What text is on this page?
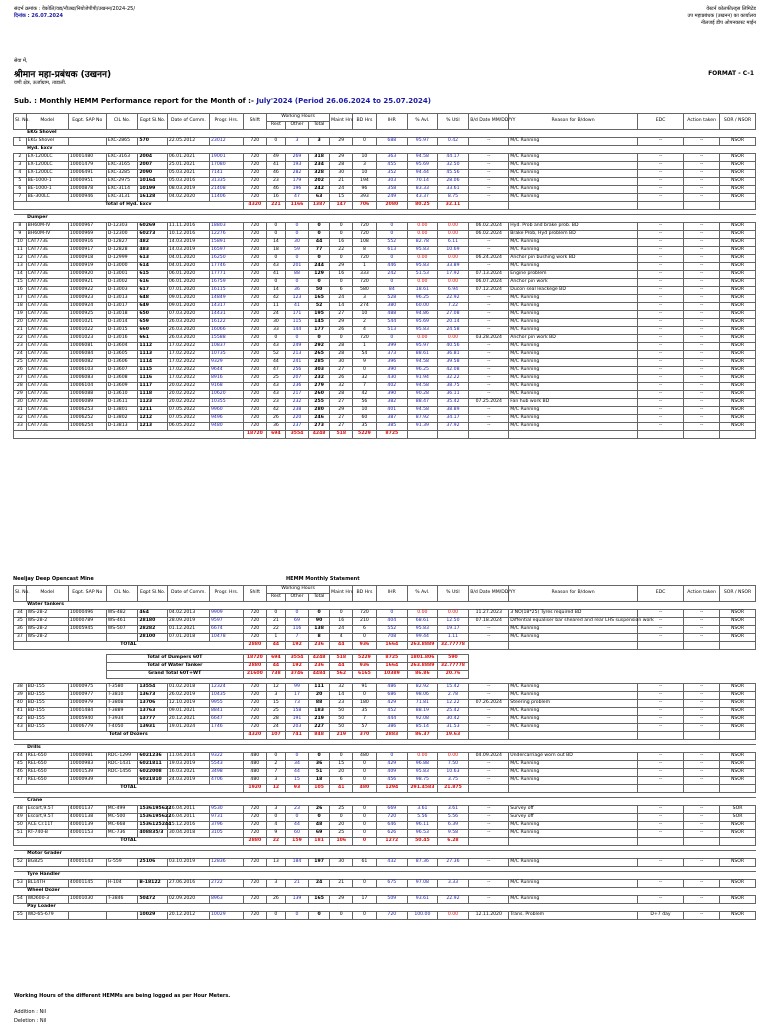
संदर्भ क्रमांक : वेकोलि/वद्य/नौउख/नियोजेपीपी/उखनन/2024-25/
दिनांक : 26.07.2024
वेस्टर्न कोलफील्ड्स लिमिटेड
उप महाप्रबंधक (उखनन) का कार्यालय
नीलजई डीप ओपनकास्ट माईन
सेवा में,
श्रीमान महा-प्रबंधक (उखनन)
वणी क्षेत्र, ऊर्जाग्राम, ताडाली.
FORMAT - C-1
Sub. : Monthly HEMM Performance report for the Month of :- July'2024 (Period 26.06.2024 to 25.07.2024)
Sl. No.	Model	Eqpt. SAP No	CIL No.	Eqpt Sl.No.	Date of Comm.	Progr. Hrs.	Shift	Working Hours			Maint Hrs	BD Hrs	IHR	% Avl.	% Util	B/d Date MM/DD/YY	Reason for B/down	EDC	Action taken	SOR / NSOR
								Rest	Other	Total										
	EKG Shovel																			
1	EKG Shovel		EXC-2865	570	22.05.2012	23012	720	0	3	3	29	0	688	95.97	0.42	--	M/C Running	--	--	NSOR
	Hyd. Excv																			
2	EX-1200LC	10001480	EXC-3163	2004	06.01.2021	19001	720	49	269	318	29	10	363	94.58	44.17	--	M/C Running	--	--	NSOR
3	EX-1200LC	10001479	EXC-3165	2007	25.01.2021	17080	720	41	193	234	28	3	455	95.69	32.50	--	M/C Running	--	--	NSOR
4	EX-1200LC	10006491	EXC-3285	2090	05.03.2021	7141	720	46	282	328	30	10	352	94.44	45.56	--	M/C Running	--	--	NSOR
5	BE-1000-1	10000951	EXC-2975	10164	05.03.2016	31335	720	23	179	202	21	194	303	70.14	28.06	--	M/C Running	--	--	NSOR
6	BE-1000-1	10000878	EXC-3114	10199	08.03.2019	21408	720	46	196	242	24	96	358	83.33	33.61	--	M/C Running	--	--	NSOR
7	BE-300LC	10000946	EXC-3131	16128	04.02.2020	11406	720	16	47	63	15	393	249	43.37	8.75	--	M/C Running	--	--	NSOR
Total of Hyd. Excv							4320	221	1166	1387	147	706	2080	80.25	32.11					

	Dumper																			
8	BH60M-IV	10000967	D-12303	60269	11.11.2016	18803	720	0	0	0	0	720	0	0.00	0.00	06.02.2024	Hyd. Prob and brake prob. BD	--	--	NSOR
9	BH60M-IV	10000969	D-12300	60273	10.12.2016	12276	720	0	0	0	0	720	0	0.00	0.00	06.02.2024	Brake Prob, Hyd problem BD	--	--	NSOR
10	CAT773E	10000916	D-12827	482	14.03.2019	15891	720	14	30	44	16	108	552	82.78	6.11	--	M/C Running	--	--	NSOR
11	CAT773E	10000917	D-12828	483	14.03.2019	16597	720	18	59	77	22	8	613	95.83	10.69	--	M/C Running	--	--	NSOR
12	CAT773E	10000918	D-12999	613	04.01.2020	16250	720	0	0	0	0	720	0	0.00	0.00	06.24.2024	Anchor pin bushing work BD	--	--	NSOR
13	CAT773E	10000919	D-13000	614	04.01.2020	17746	720	43	201	244	29	1	446	95.83	33.89	--	M/C Running	--	--	NSOR
14	CAT773E	10000920	D-13001	615	06.01.2020	17771	720	41	88	129	16	333	242	51.53	17.92	07.13.2024	Engine problem	--	--	NSOR
15	CAT773E	10000921	D-13002	616	06.01.2020	16759	720	0	0	0	0	720	0	0.00	0.00	06.07.2024	Anchor pin work	--	--	NSOR
16	CAT773E	10000922	D-13003	617	07.01.2020	16115	720	14	36	50	6	580	84	18.61	6.94	07.12.2024	Ducon seal leackege BD	--	--	NSOR
17	CAT773E	10000923	D-13013	648	09.01.2020	14849	720	42	123	165	24	3	528	96.25	22.92	--	M/C Running	--	--	NSOR
18	CAT773E	10000924	D-13017	649	09.01.2020	14317	720	11	41	52	14	274	380	60.00	7.22	--	M/C Running	--	--	NSOR
19	CAT773E	10000925	D-13018	650	07.03.2020	14431	720	24	171	195	27	10	488	94.86	27.08	--	M/C Running	--	--	NSOR
20	CAT773E	10001021	D-13014	659	26.03.2020	16122	720	30	115	145	29	2	544	95.69	20.14	--	M/C Running	--	--	NSOR
21	CAT773E	10001022	D-13015	660	26.03.2020	16066	720	33	144	177	26	4	513	95.83	24.58	--	M/C Running	--	--	NSOR
22	CAT773E	10001023	D-13016	661	26.03.2020	15588	720	0	0	0	0	720	0	0.00	0.00	03.28.2024	Anchor pin work BD	--	--	NSOR
23	CAT773E	10006081	D-13604	1112	17.02.2022	10837	720	43	249	292	28	1	399	95.97	40.56	--	M/C Running	--	--	NSOR
24	CAT773E	10006084	D-13605	1113	17.02.2022	10735	720	52	213	265	28	54	373	88.61	36.81	--	M/C Running	--	--	NSOR
25	CAT773E	10006082	D-13606	1114	17.02.2022	9329	720	44	241	285	30	9	396	94.58	39.58	--	M/C Running	--	--	NSOR
26	CAT773E	10006103	D-13607	1115	17.02.2022	9644	720	47	256	303	27	0	390	96.25	42.08	--	M/C Running	--	--	NSOR
27	CAT773E	10006083	D-13608	1116	17.02.2022	8916	720	25	207	232	26	32	430	91.94	32.22	--	M/C Running	--	--	NSOR
28	CAT773E	10006104	D-13609	1117	20.02.2022	9168	720	43	236	279	32	7	402	94.58	38.75	--	M/C Running	--	--	NSOR
29	CAT773E	10006088	D-13610	1118	20.02.2022	10620	720	43	217	260	28	42	390	90.28	36.11	--	M/C Running	--	--	NSOR
30	CAT773E	10006089	D-13611	1123	20.02.2022	10355	720	23	232	255	27	56	382	88.47	35.42	07.25.2024	Fan hub work BD	--	--	NSOR
31	CAT773E	10006253	D-13801	1211	07.05.2022	9960	720	42	238	280	29	10	401	94.58	38.89	--	M/C Running	--	--	NSOR
32	CAT773E	10006252	D-13802	1212	07.05.2022	9496	720	26	220	246	27	60	387	87.92	34.17	--	M/C Running	--	--	NSOR
33	CAT773E	10006254	D-13813	1213	06.05.2022	9480	720	36	237	273	27	35	385	91.39	37.92	--	M/C Running	--	--	NSOR
							18720	694	3554	4248	518	5229	8725							
Neeljay Deep Opencast Mine	HEMM Monthly Statement
Sl. No.	Model	Eqpt. SAP No	CIL No.	Eqpt Sl.No.	Date of Comm.	Progr. Hrs.	Shift	Working Hours			Maint Hrs	BD Hrs	IHR	% Avl.	% Util	B/d Date MM/DD/YY	Reason for B/down	EDC	Action taken	SOR / NSOR
								Rest	Other	Total										
	Water tankers																			
34	WS-28-2	10000496	WS-482	464	04.02.2013	9909	720	0	0	0	0	720	0	0.00	0.00	11.27.2023	3 NO(18*25) Tyres required BD	--	--	NSOR
35	WS-28-2	10000789	WS-461	28180	28.09.2019	9597	720	21	69	90	16	210	404	68.61	12.50	07.18.2024	Diffential equaliser bar sheared and rear LHS suspension work	--	--	NSOR
36	WS-28-2	10005945	WS-507	28282	01.12.2021	6674	720	22	116	138	24	6	552	95.83	19.17	--	M/C Running	--	--	NSOR
37	WS-28-2			28100	07.01.2018	10478	720	1	7	8	4	0	708	99.44	1.11	--	M/C Running	--	--	NSOR
TOTAL							2880	44	192	236	44	936	1664	263.8889	32.77778					

			Total of Dumpers 60T				18720	694	3554	4248	518	5229	8725	1801.806	590					
			Total of Water Tanker				2880	44	192	236	44	936	1664	263.8889	32.77778					
			Grand Total 60T+WT				21600	738	3746	4484	562	6165	10389	86.86	20.76					

38	BD-155	10000975	T-3580	13554	01.02.2018	12324	720	12	99	111	32	91	486	82.92	15.42	--	M/C Running	--	--	NSOR
39	BD-155	10000977	T-3810	13673	26.02.2019	10435	720	3	17	20	14	0	686	98.06	2.78	--	M/C Running	--	--	NSOR
40	BD-155	10000979	T-3808	13706	12.10.2019	9955	720	15	73	88	23	180	429	71.81	12.22	07.26.2024	Steering problem	--	--	NSOR
41	BD-155	10001484	T-3889	13763	09.01.2021	8841	720	25	158	183	50	35	452	88.19	25.42	--	M/C Running	--	--	NSOR
42	BD-155	10005940	T-3934	13777	20.12.2021	6647	720	28	191	219	50	7	444	92.08	30.42	--	M/C Running	--	--	NSOR
43	BD-155	10006779	T-4050	13931	19.01.2024	1746	720	24	203	227	50	57	386	85.14	31.53	--	M/C Running	--	--	NSOR
Total of Dozers							4320	107	741	848	219	370	2883	86.37	19.63					

	Drills																			
44	REL-650	10000981	RDC-1299	6021236	11.04.2014	9322	480	0	0	0	0	480	0	0.00	0.00	04.09.2024	Undercarriage worn out BD	--	--	NSOR
45	REL-650	10000983	RDC-1431	6021811	19.03.2019	5543	480	2	34	36	15	0	429	96.88	7.50	--	M/C Running	--	--	NSOR
46	REL-650	10001539	RDC-1456	6022008	16.03.2021	3498	480	7	44	51	20	0	409	95.83	10.63	--	M/C Running	--	--	NSOR
47	REL-650	10000939		6021810	24.03.2019	4706	480	3	15	18	6	0	456	98.75	3.75	--	M/C Running	--	--	NSOR
TOTAL							1920	12	93	105	41	480	1294	291.4583	21.875					

	Crane																			
48	Escort,9.5T	40001137	MC-499	1536195622	16.04.2011	9530	720	3	23	26	25	0	669	3.61	3.61	--	Survey off	--	--	SOR
49	Escort,9.5T	40001138	MC-500	1536195622	16.04.2011	9731	720	0	0	0	0	0	720	5.56	5.56	--	Survey off	--	--	SOR
50	ACE Cr.11T	40001139	MC-668	1536125244	15.12.2016	3796	720	4	44	48	20	0	646	96.11	6.39	--	M/C Running	--	--	NSOR
51	RT-740-B	40001153	MC-736	408835/3	30.04.2018	3105	720	9	60	69	25	0	626	96.53	9.58	--	M/C Running	--	--	NSOR
TOTAL							2880	22	159	181	106	0	1272	50.45	6.28					

	Motor Grader																			
52	BG825	40001143	G-559	25106	03.10.2019	12836	720	13	184	197	30	61	432	87.36	27.36	--	M/C Running	--	--	NSOR

	Tyre Handler																			
53	BL14TH	40001145	H-104	B-18122	27.06.2016	2722	720	3	21	24	21	0	675	97.08	3.33	--	M/C Running	--	--	NSOR
	Wheel Dozer																			
54	WD600-3	10001030	T-3846	50472	02.09.2020	8963	720	26	139	165	29	17	509	93.61	22.92	--	M/C Running	--	--	NSOR
	Pay Loader																			
55	WD-65-679			10029	20.12.2012	10029	720	0	0	0	0	0	720	100.00	0.00	12.11.2020	Trans. Problem	D+7 day	--	NSOR
Working Hours of the different HEMMs are being logged as per Hour Meters.
Addition : Nil
Deletion : Nil
